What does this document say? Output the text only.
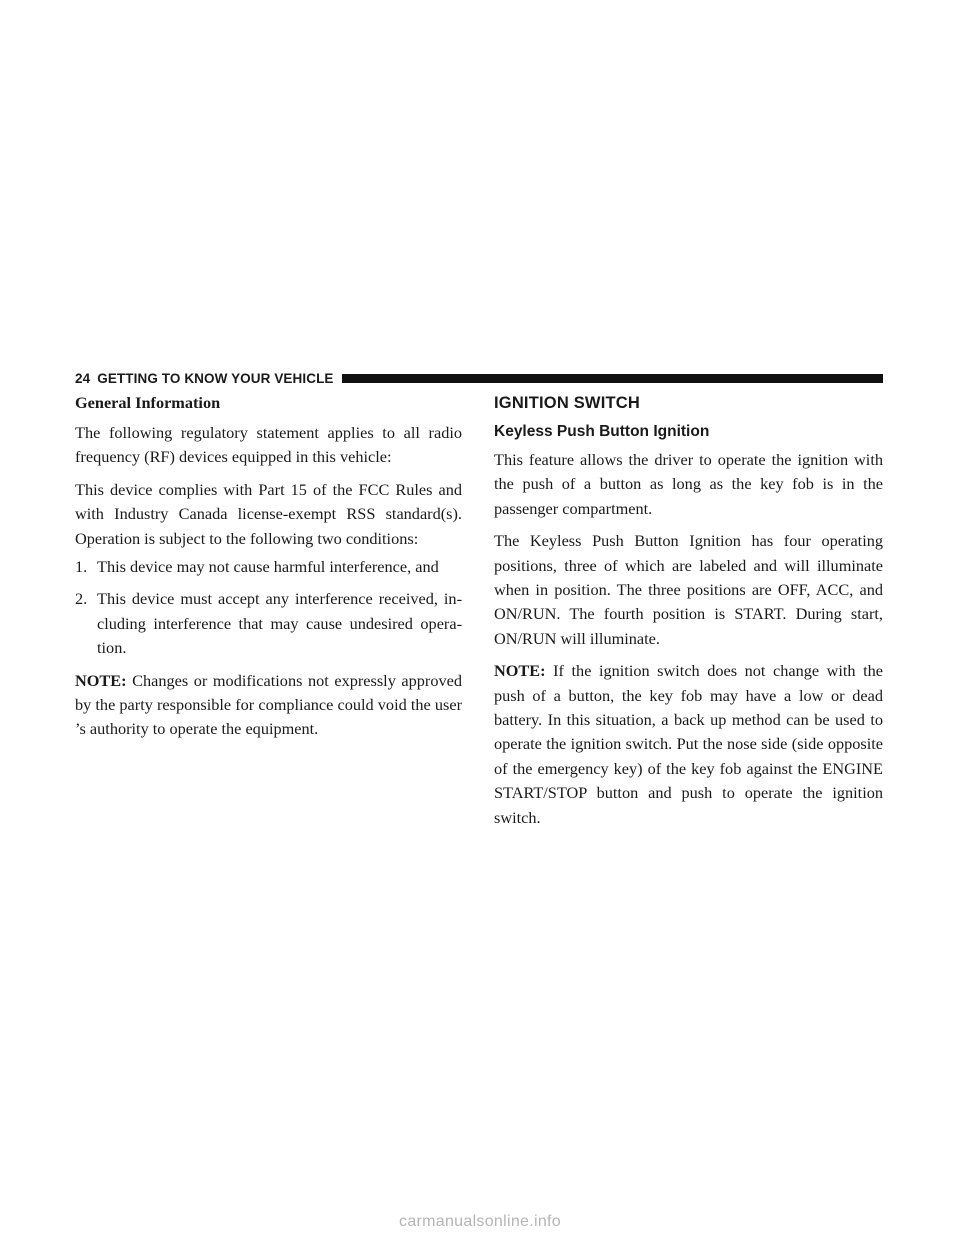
24 GETTING TO KNOW YOUR VEHICLE
General Information

The following regulatory statement applies to all radio frequency (RF) devices equipped in this vehicle:

This device complies with Part 15 of the FCC Rules and with Industry Canada license-exempt RSS standard(s). Operation is subject to the following two conditions:

1. This device may not cause harmful interference, and
2. This device must accept any interference received, in-cluding interference that may cause undesired opera-tion.

NOTE: Changes or modifications not expressly approved by the party responsible for compliance could void the user ’s authority to operate the equipment.

IGNITION SWITCH
Keyless Push Button Ignition

This feature allows the driver to operate the ignition with the push of a button as long as the key fob is in the passenger compartment.

The Keyless Push Button Ignition has four operating positions, three of which are labeled and will illuminate when in position. The three positions are OFF, ACC, and ON/RUN. The fourth position is START. During start, ON/RUN will illuminate.

NOTE: If the ignition switch does not change with the push of a button, the key fob may have a low or dead battery. In this situation, a back up method can be used to operate the ignition switch. Put the nose side (side opposite of the emergency key) of the key fob against the ENGINE START/STOP button and push to operate the ignition switch.

carmanualsonline.info
